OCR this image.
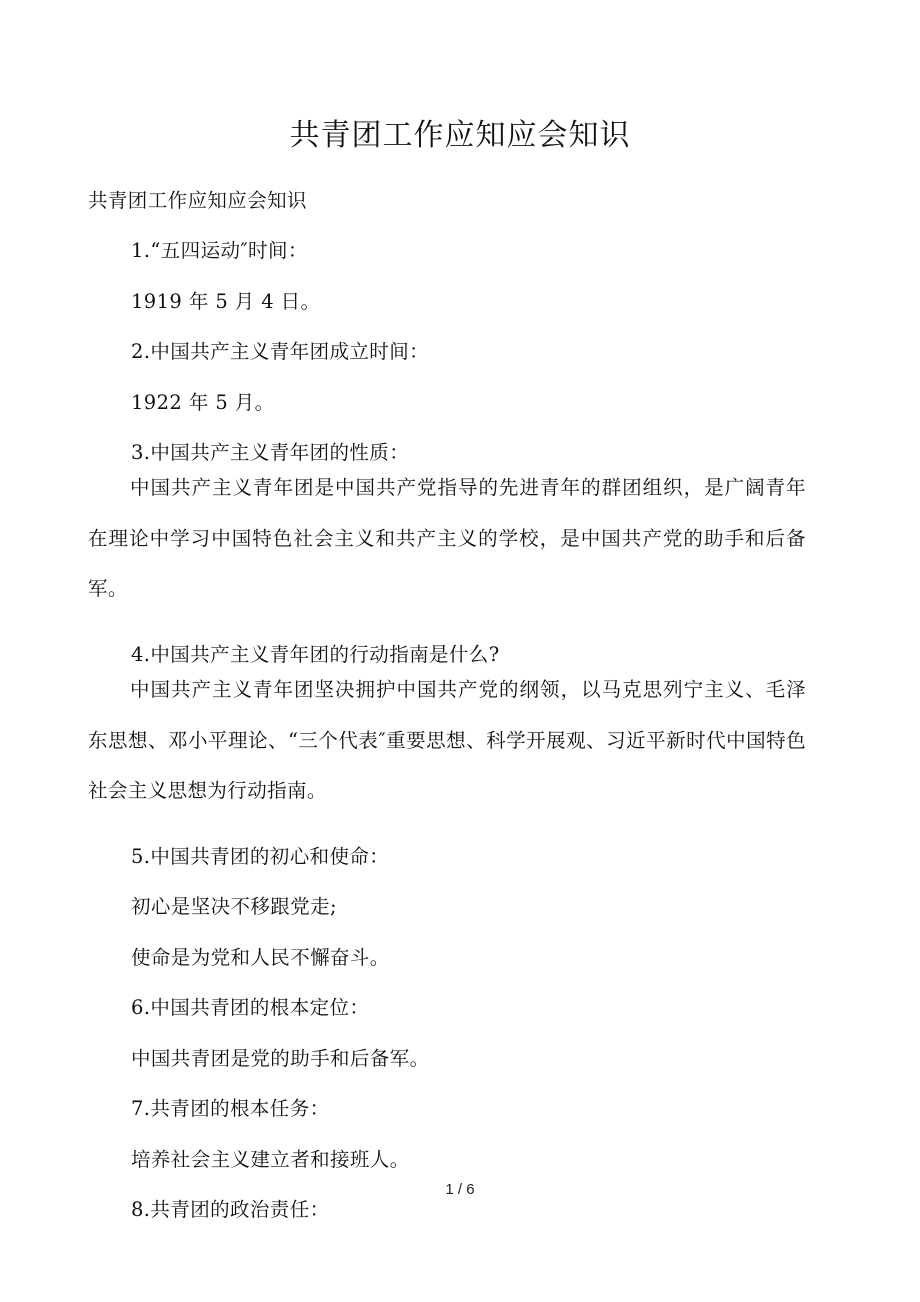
共青团工作应知应会知识
共青团工作应知应会知识
1.“五四运动″时间：
1919 年 5 月 4 日。
2.中国共产主义青年团成立时间：
1922 年 5 月。
3.中国共产主义青年团的性质：

中国共产主义青年团是中国共产党指导的先进青年的群团组织，是广阔青年在理论中学习中国特色社会主义和共产主义的学校，是中国共产党的助手和后备军。

4.中国共产主义青年团的行动指南是什么?

中国共产主义青年团坚决拥护中国共产党的纲领，以马克思列宁主义、毛泽东思想、邓小平理论、“三个代表″重要思想、科学开展观、习近平新时代中国特色社会主义思想为行动指南。

5.中国共青团的初心和使命：
初心是坚决不移跟党走;
使命是为党和人民不懈奋斗。
6.中国共青团的根本定位：
中国共青团是党的助手和后备军。
7.共青团的根本任务：
培养社会主义建立者和接班人。
8.共青团的政治责任：
1 / 6
